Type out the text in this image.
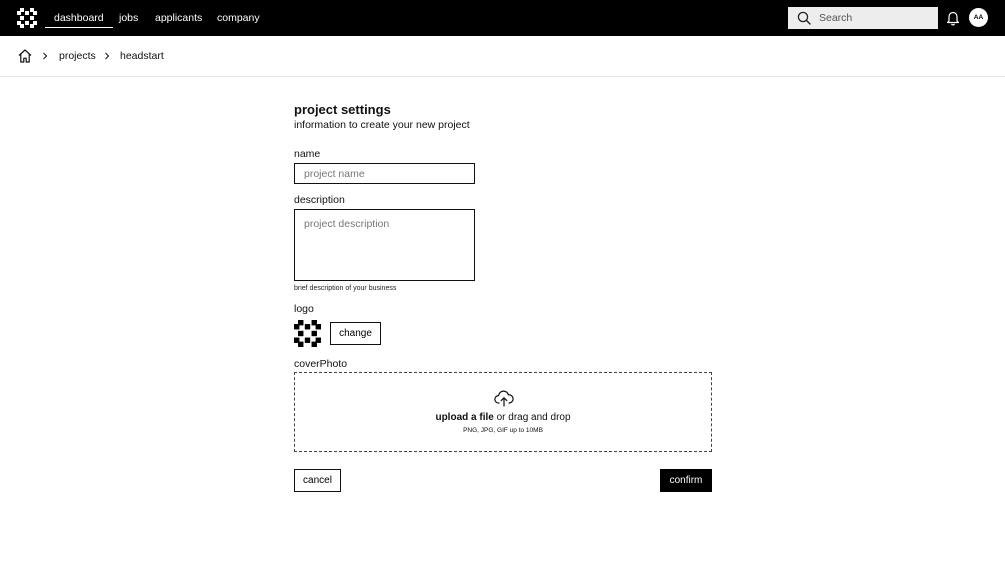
dashboard jobs applicants company
Search	AA
projects headstart
project settings
information to create your new project
name
project name
description
project description
brief description of your business
logo
change
coverPhoto
upload a file or drag and drop
PNG, JPG, GIF up to 10MB
cancel	confirm
